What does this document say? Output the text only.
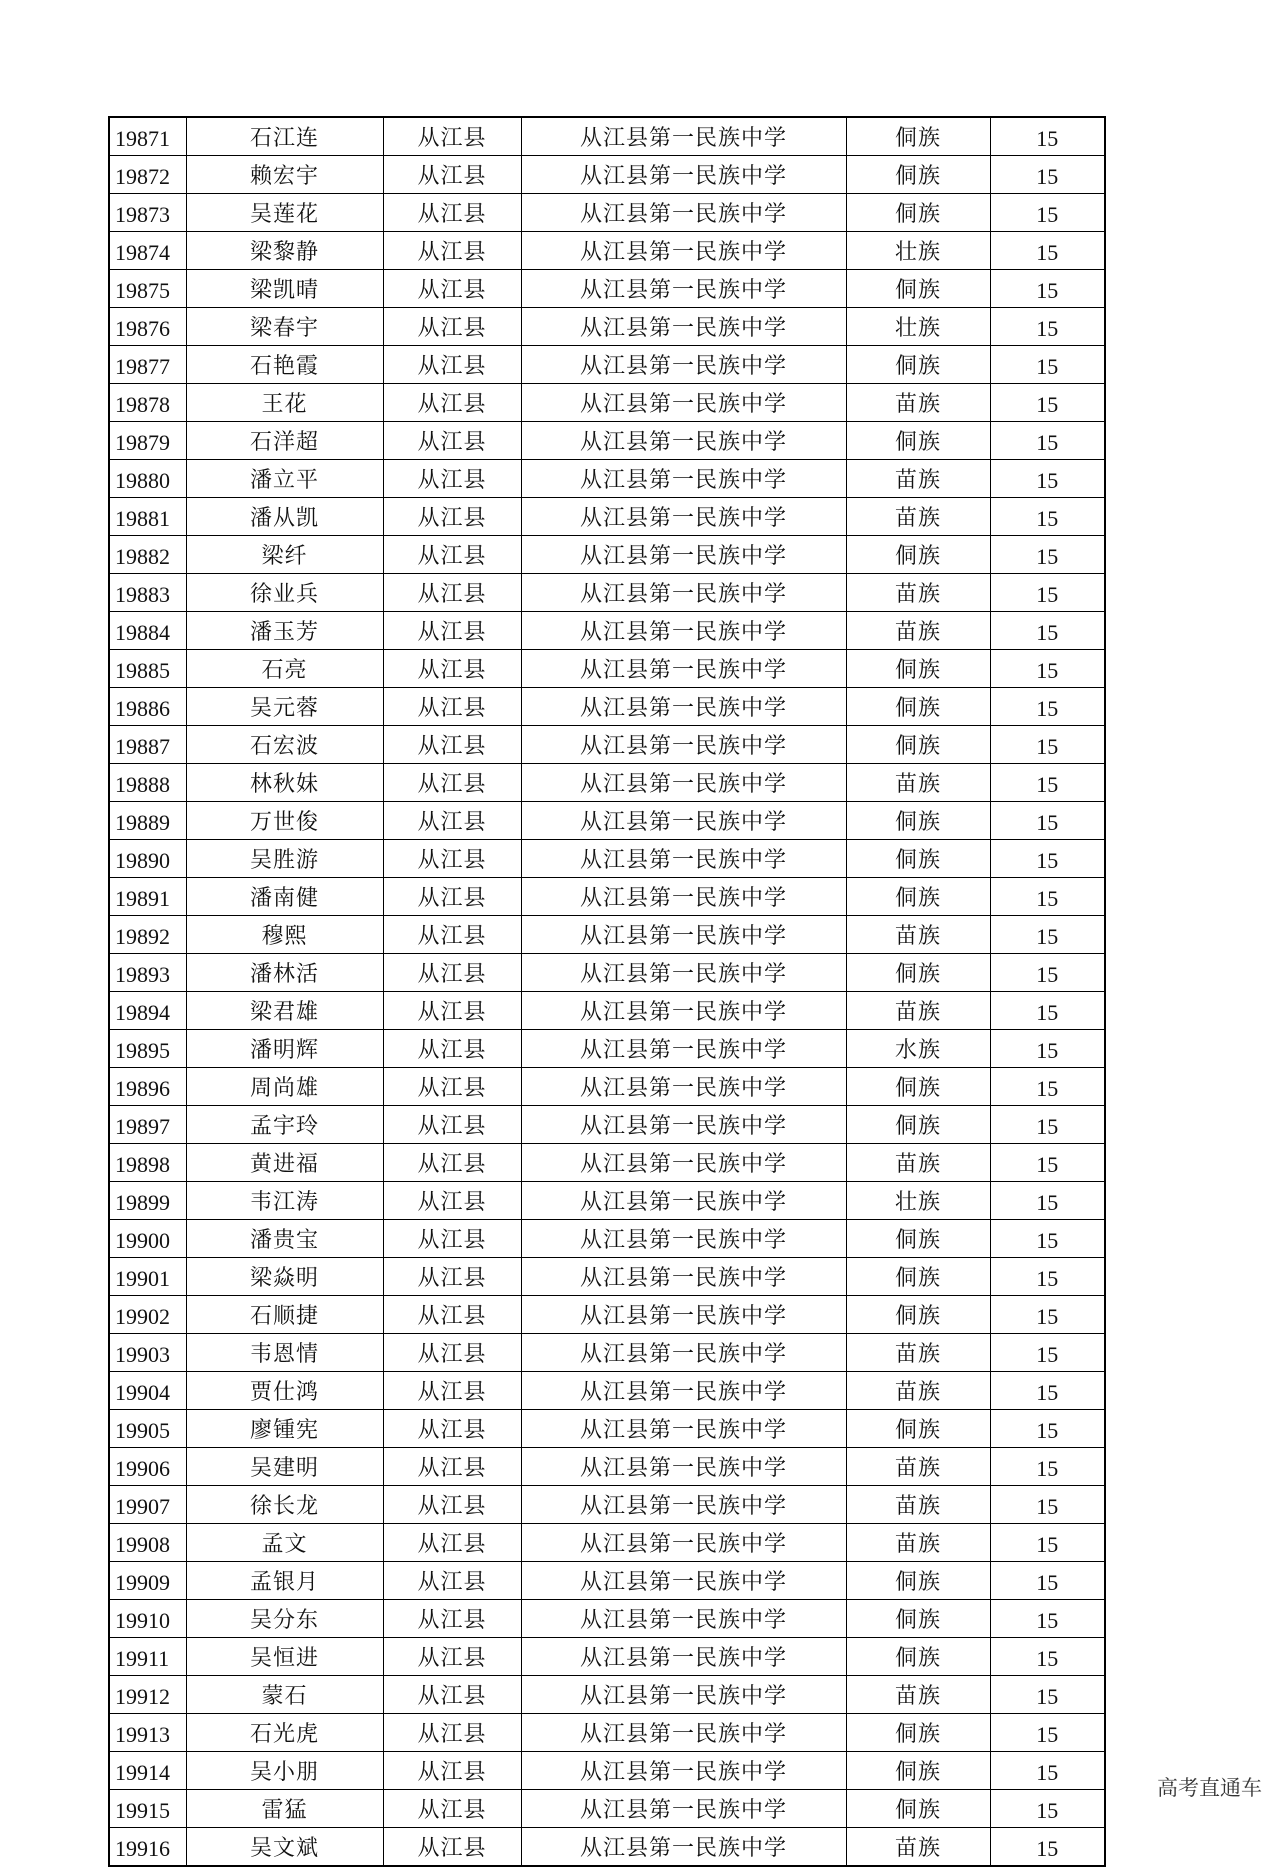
19871	石江连	从江县	从江县第一民族中学	侗族	15
19872	赖宏宇	从江县	从江县第一民族中学	侗族	15
19873	吴莲花	从江县	从江县第一民族中学	侗族	15
19874	梁黎静	从江县	从江县第一民族中学	壮族	15
19875	梁凯晴	从江县	从江县第一民族中学	侗族	15
19876	梁春宇	从江县	从江县第一民族中学	壮族	15
19877	石艳霞	从江县	从江县第一民族中学	侗族	15
19878	王花	从江县	从江县第一民族中学	苗族	15
19879	石洋超	从江县	从江县第一民族中学	侗族	15
19880	潘立平	从江县	从江县第一民族中学	苗族	15
19881	潘从凯	从江县	从江县第一民族中学	苗族	15
19882	梁纤	从江县	从江县第一民族中学	侗族	15
19883	徐业兵	从江县	从江县第一民族中学	苗族	15
19884	潘玉芳	从江县	从江县第一民族中学	苗族	15
19885	石亮	从江县	从江县第一民族中学	侗族	15
19886	吴元蓉	从江县	从江县第一民族中学	侗族	15
19887	石宏波	从江县	从江县第一民族中学	侗族	15
19888	林秋妹	从江县	从江县第一民族中学	苗族	15
19889	万世俊	从江县	从江县第一民族中学	侗族	15
19890	吴胜游	从江县	从江县第一民族中学	侗族	15
19891	潘南健	从江县	从江县第一民族中学	侗族	15
19892	穆熙	从江县	从江县第一民族中学	苗族	15
19893	潘林活	从江县	从江县第一民族中学	侗族	15
19894	梁君雄	从江县	从江县第一民族中学	苗族	15
19895	潘明辉	从江县	从江县第一民族中学	水族	15
19896	周尚雄	从江县	从江县第一民族中学	侗族	15
19897	孟宇玲	从江县	从江县第一民族中学	侗族	15
19898	黄进福	从江县	从江县第一民族中学	苗族	15
19899	韦江涛	从江县	从江县第一民族中学	壮族	15
19900	潘贵宝	从江县	从江县第一民族中学	侗族	15
19901	梁焱明	从江县	从江县第一民族中学	侗族	15
19902	石顺捷	从江县	从江县第一民族中学	侗族	15
19903	韦恩情	从江县	从江县第一民族中学	苗族	15
19904	贾仕鸿	从江县	从江县第一民族中学	苗族	15
19905	廖锺宪	从江县	从江县第一民族中学	侗族	15
19906	吴建明	从江县	从江县第一民族中学	苗族	15
19907	徐长龙	从江县	从江县第一民族中学	苗族	15
19908	孟文	从江县	从江县第一民族中学	苗族	15
19909	孟银月	从江县	从江县第一民族中学	侗族	15
19910	吴分东	从江县	从江县第一民族中学	侗族	15
19911	吴恒进	从江县	从江县第一民族中学	侗族	15
19912	蒙石	从江县	从江县第一民族中学	苗族	15
19913	石光虎	从江县	从江县第一民族中学	侗族	15
19914	吴小朋	从江县	从江县第一民族中学	侗族	15
19915	雷猛	从江县	从江县第一民族中学	侗族	15
19916	吴文斌	从江县	从江县第一民族中学	苗族	15
高考直通车
